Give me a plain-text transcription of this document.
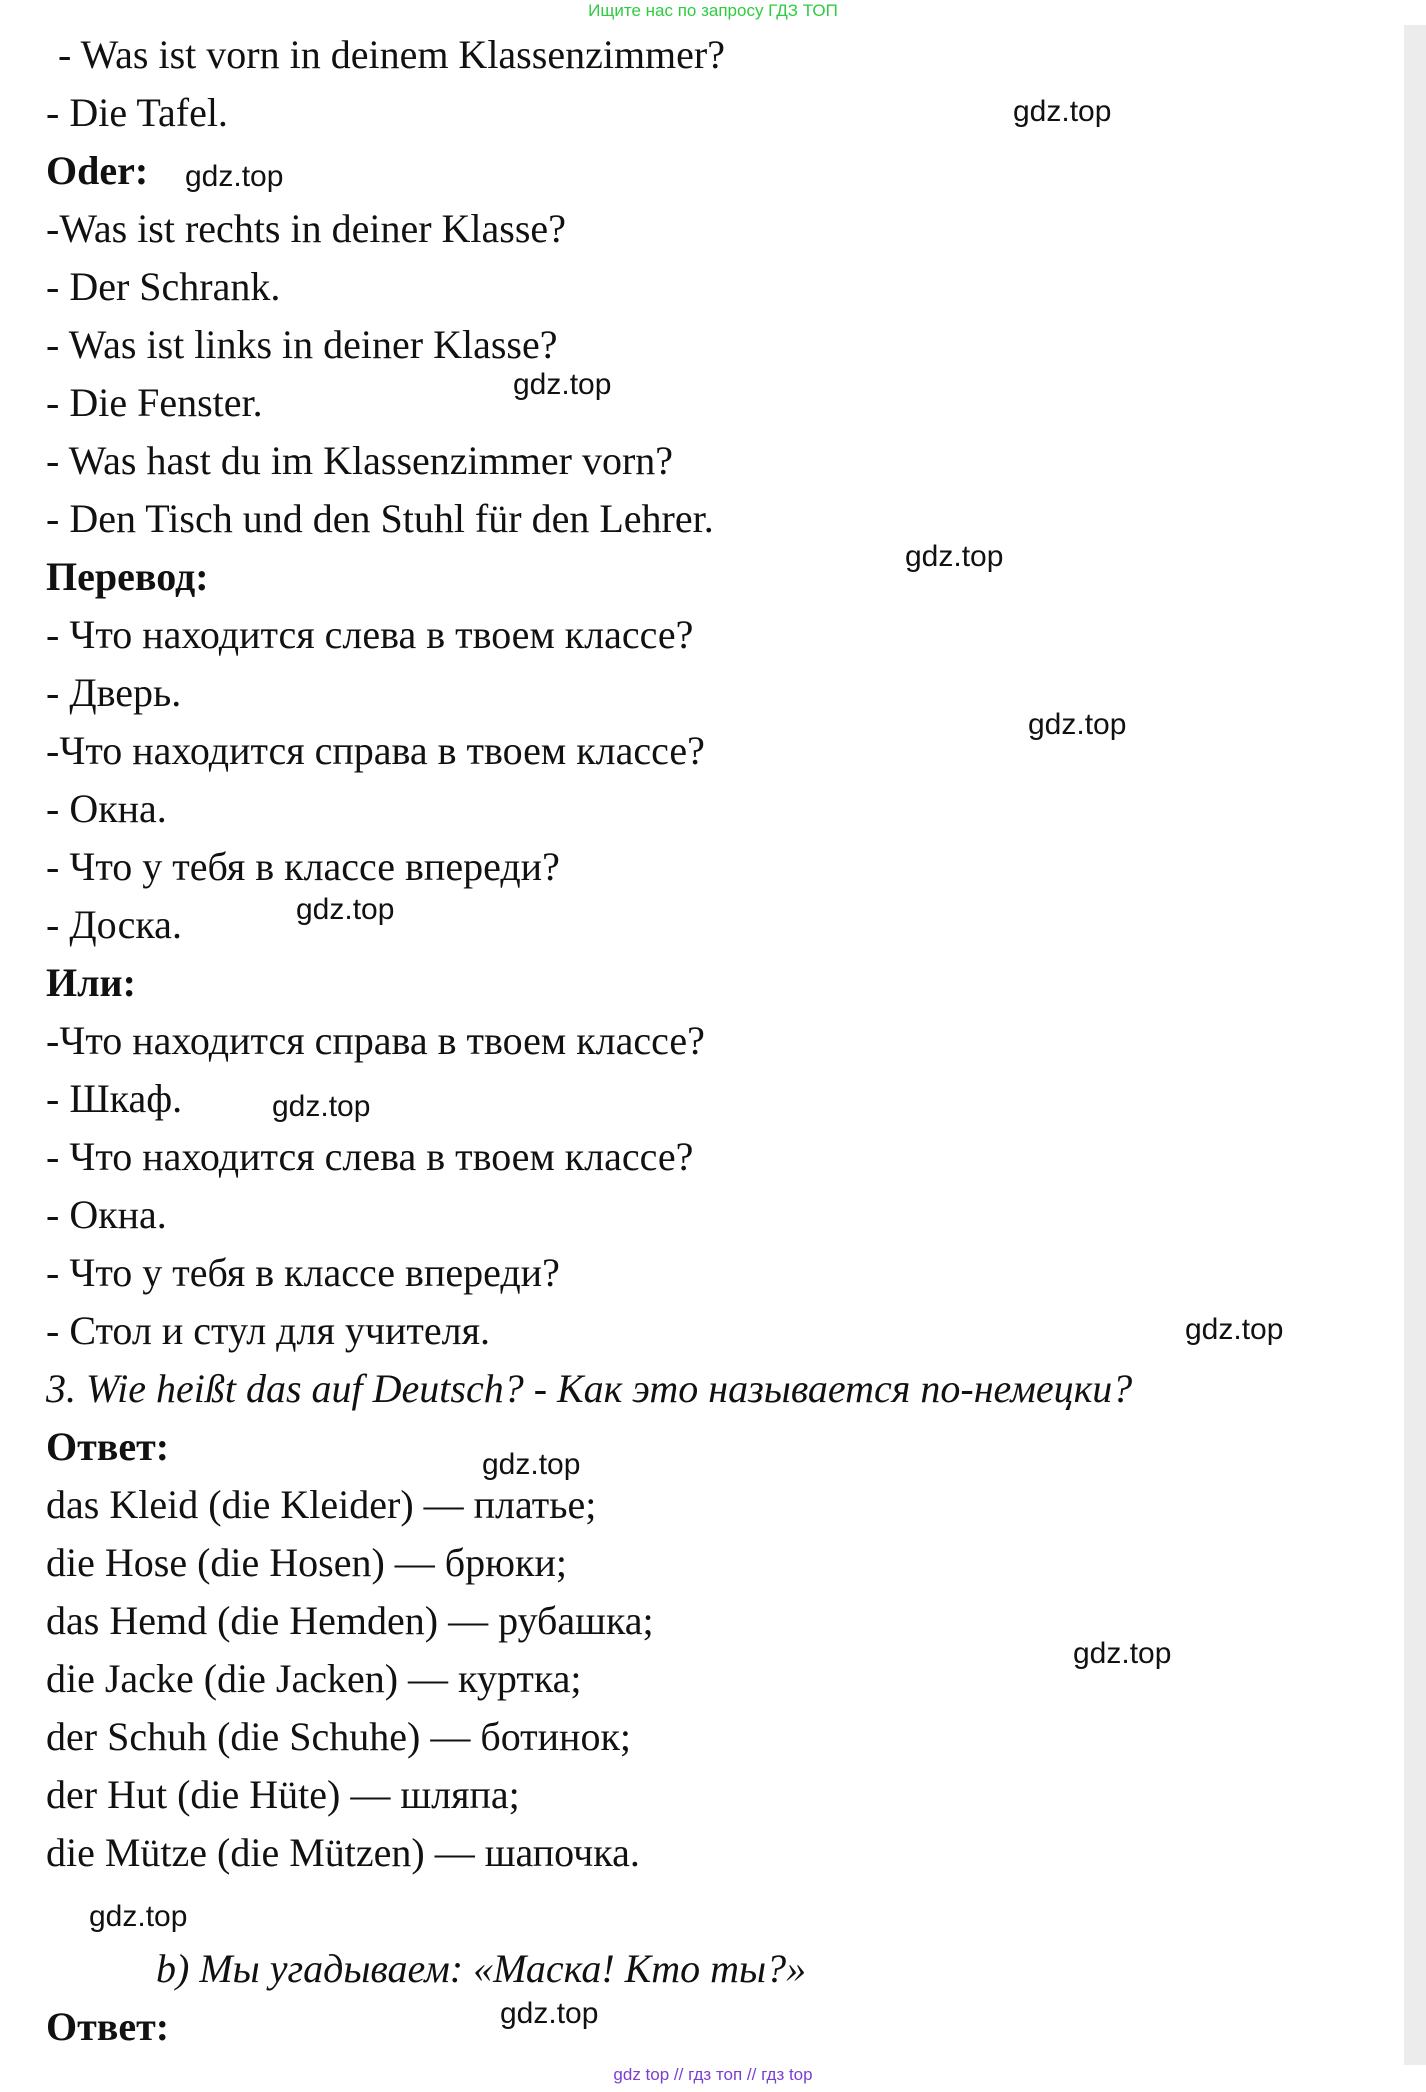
Ищите нас по запросу ГДЗ ТОП
- Was ist vorn in deinem Klassenzimmer?
- Die Tafel.
Oder:
-Was ist rechts in deiner Klasse?
- Der Schrank.
- Was ist links in deiner Klasse?
- Die Fenster.
- Was hast du im Klassenzimmer vorn?
- Den Tisch und den Stuhl für den Lehrer.
Перевод:
- Что находится слева в твоем классе?
- Дверь.
-Что находится справа в твоем классе?
- Окна.
- Что у тебя в классе впереди?
- Доска.
Или:
-Что находится справа в твоем классе?
- Шкаф.
- Что находится слева в твоем классе?
- Окна.
- Что у тебя в классе впереди?
- Стол и стул для учителя.
3. Wie heißt das auf Deutsch? - Как это называется по-немецки?
Ответ:
das Kleid (die Kleider) — платье;
die Hose (die Hosen) — брюки;
das Hemd (die Hemden) — рубашка;
die Jacke (die Jacken) — куртка;
der Schuh (die Schuhe) — ботинок;
der Hut (die Hüte) — шляпа;
die Mütze (die Mützen) — шапочка.
b) Мы угадываем: «Маска! Кто ты?»
Ответ:
gdz.top
gdz.top
gdz.top
gdz.top
gdz.top
gdz.top
gdz.top
gdz.top
gdz.top
gdz.top
gdz.top
gdz.top
gdz top // гдз топ // гдз top
